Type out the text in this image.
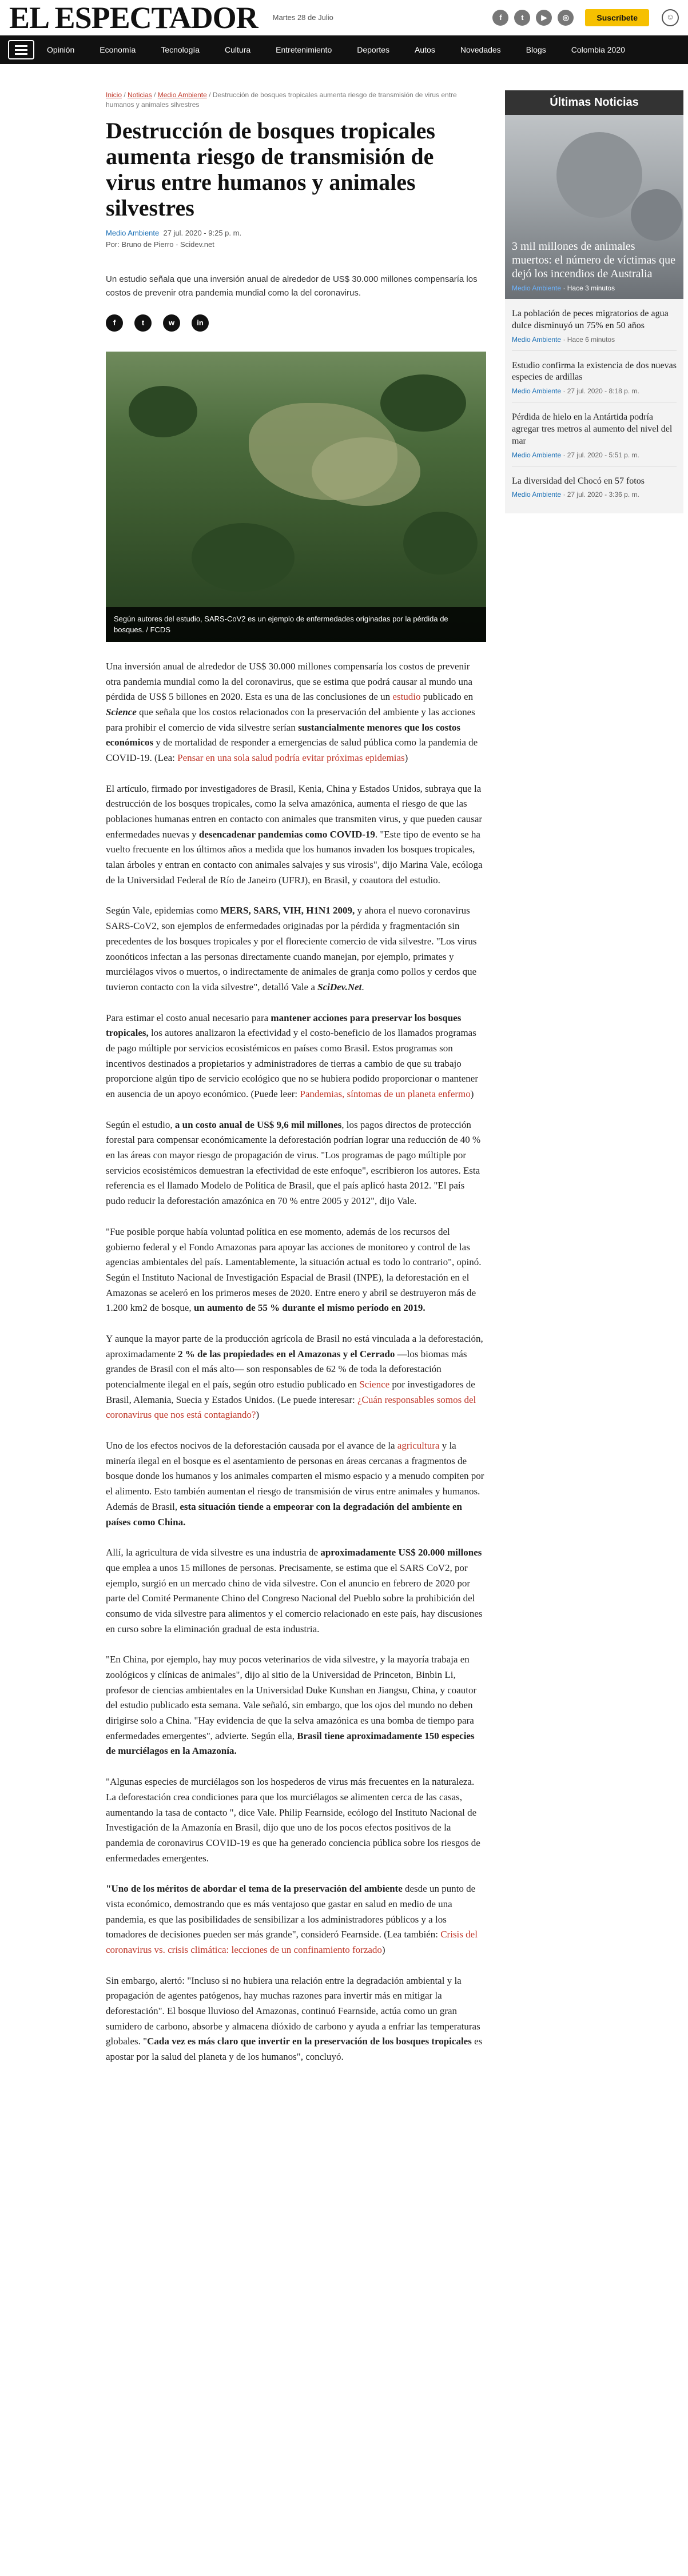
EL ESPECTADOR Martes 28 de Julio	f	t	▶	◎	Suscríbete	☺
Opinión	Economía	Tecnología	Cultura	Entretenimiento	Deportes	Autos	Novedades	Blogs	Colombia 2020
Inicio / Noticias / Medio Ambiente / Destrucción de bosques tropicales aumenta riesgo de transmisión de virus entre humanos y animales silvestres
Destrucción de bosques tropicales aumenta riesgo de transmisión de virus entre humanos y animales silvestres
Medio Ambiente 27 jul. 2020 - 9:25 p. m.
Por: Bruno de Pierro - Scidev.net

Un estudio señala que una inversión anual de alrededor de US$ 30.000 millones compensaría los costos de prevenir otra pandemia mundial como la del coronavirus.

f	t	w	in
Según autores del estudio, SARS-CoV2 es un ejemplo de enfermedades originadas por la pérdida de bosques. / FCDS

Una inversión anual de alrededor de US$ 30.000 millones compensaría los costos de prevenir otra pandemia mundial como la del coronavirus, que se estima que podrá causar al mundo una pérdida de US$ 5 billones en 2020. Esta es una de las conclusiones de un estudio publicado en Science que señala que los costos relacionados con la preservación del ambiente y las acciones para prohibir el comercio de vida silvestre serían sustancialmente menores que los costos económicos y de mortalidad de responder a emergencias de salud pública como la pandemia de COVID-19. (Lea: Pensar en una sola salud podría evitar próximas epidemias)

El artículo, firmado por investigadores de Brasil, Kenia, China y Estados Unidos, subraya que la destrucción de los bosques tropicales, como la selva amazónica, aumenta el riesgo de que las poblaciones humanas entren en contacto con animales que transmiten virus, y que pueden causar enfermedades nuevas y desencadenar pandemias como COVID-19. "Este tipo de evento se ha vuelto frecuente en los últimos años a medida que los humanos invaden los bosques tropicales, talan árboles y entran en contacto con animales salvajes y sus virosis", dijo Marina Vale, ecóloga de la Universidad Federal de Río de Janeiro (UFRJ), en Brasil, y coautora del estudio.

Según Vale, epidemias como MERS, SARS, VIH, H1N1 2009, y ahora el nuevo coronavirus SARS-CoV2, son ejemplos de enfermedades originadas por la pérdida y fragmentación sin precedentes de los bosques tropicales y por el floreciente comercio de vida silvestre. "Los virus zoonóticos infectan a las personas directamente cuando manejan, por ejemplo, primates y murciélagos vivos o muertos, o indirectamente de animales de granja como pollos y cerdos que tuvieron contacto con la vida silvestre", detalló Vale a SciDev.Net.

Para estimar el costo anual necesario para mantener acciones para preservar los bosques tropicales, los autores analizaron la efectividad y el costo-beneficio de los llamados programas de pago múltiple por servicios ecosistémicos en países como Brasil. Estos programas son incentivos destinados a propietarios y administradores de tierras a cambio de que su trabajo proporcione algún tipo de servicio ecológico que no se hubiera podido proporcionar o mantener en ausencia de un apoyo económico. (Puede leer: Pandemias, síntomas de un planeta enfermo)

Según el estudio, a un costo anual de US$ 9,6 mil millones, los pagos directos de protección forestal para compensar económicamente la deforestación podrían lograr una reducción de 40 % en las áreas con mayor riesgo de propagación de virus. "Los programas de pago múltiple por servicios ecosistémicos demuestran la efectividad de este enfoque", escribieron los autores. Esta referencia es el llamado Modelo de Política de Brasil, que el país aplicó hasta 2012. "El país pudo reducir la deforestación amazónica en 70 % entre 2005 y 2012", dijo Vale.

"Fue posible porque había voluntad política en ese momento, además de los recursos del gobierno federal y el Fondo Amazonas para apoyar las acciones de monitoreo y control de las agencias ambientales del país. Lamentablemente, la situación actual es todo lo contrario", opinó. Según el Instituto Nacional de Investigación Espacial de Brasil (INPE), la deforestación en el Amazonas se aceleró en los primeros meses de 2020. Entre enero y abril se destruyeron más de 1.200 km2 de bosque, un aumento de 55 % durante el mismo período en 2019.

Y aunque la mayor parte de la producción agrícola de Brasil no está vinculada a la deforestación, aproximadamente 2 % de las propiedades en el Amazonas y el Cerrado —los biomas más grandes de Brasil con el más alto— son responsables de 62 % de toda la deforestación potencialmente ilegal en el país, según otro estudio publicado en Science por investigadores de Brasil, Alemania, Suecia y Estados Unidos. (Le puede interesar: ¿Cuán responsables somos del coronavirus que nos está contagiando?)

Uno de los efectos nocivos de la deforestación causada por el avance de la agricultura y la minería ilegal en el bosque es el asentamiento de personas en áreas cercanas a fragmentos de bosque donde los humanos y los animales comparten el mismo espacio y a menudo compiten por el alimento. Esto también aumentan el riesgo de transmisión de virus entre animales y humanos. Además de Brasil, esta situación tiende a empeorar con la degradación del ambiente en países como China.

Allí, la agricultura de vida silvestre es una industria de aproximadamente US$ 20.000 millones que emplea a unos 15 millones de personas. Precisamente, se estima que el SARS CoV2, por ejemplo, surgió en un mercado chino de vida silvestre. Con el anuncio en febrero de 2020 por parte del Comité Permanente Chino del Congreso Nacional del Pueblo sobre la prohibición del consumo de vida silvestre para alimentos y el comercio relacionado en este país, hay discusiones en curso sobre la eliminación gradual de esta industria.

"En China, por ejemplo, hay muy pocos veterinarios de vida silvestre, y la mayoría trabaja en zoológicos y clínicas de animales", dijo al sitio de la Universidad de Princeton, Binbin Li, profesor de ciencias ambientales en la Universidad Duke Kunshan en Jiangsu, China, y coautor del estudio publicado esta semana. Vale señaló, sin embargo, que los ojos del mundo no deben dirigirse solo a China. "Hay evidencia de que la selva amazónica es una bomba de tiempo para enfermedades emergentes", advierte. Según ella, Brasil tiene aproximadamente 150 especies de murciélagos en la Amazonía.

"Algunas especies de murciélagos son los hospederos de virus más frecuentes en la naturaleza. La deforestación crea condiciones para que los murciélagos se alimenten cerca de las casas, aumentando la tasa de contacto ", dice Vale. Philip Fearnside, ecólogo del Instituto Nacional de Investigación de la Amazonía en Brasil, dijo que uno de los pocos efectos positivos de la pandemia de coronavirus COVID-19 es que ha generado conciencia pública sobre los riesgos de enfermedades emergentes.

"Uno de los méritos de abordar el tema de la preservación del ambiente desde un punto de vista económico, demostrando que es más ventajoso que gastar en salud en medio de una pandemia, es que las posibilidades de sensibilizar a los administradores públicos y a los tomadores de decisiones pueden ser más grande", consideró Fearnside. (Lea también: Crisis del coronavirus vs. crisis climática: lecciones de un confinamiento forzado)

Sin embargo, alertó: "Incluso si no hubiera una relación entre la degradación ambiental y la propagación de agentes patógenos, hay muchas razones para invertir más en mitigar la deforestación". El bosque lluvioso del Amazonas, continuó Fearnside, actúa como un gran sumidero de carbono, absorbe y almacena dióxido de carbono y ayuda a enfriar las temperaturas globales. "Cada vez es más claro que invertir en la preservación de los bosques tropicales es apostar por la salud del planeta y de los humanos", concluyó.

Últimas Noticias
3 mil millones de animales muertos: el número de víctimas que dejó los incendios de Australia
Medio Ambiente · Hace 3 minutos
La población de peces migratorios de agua dulce disminuyó un 75% en 50 años
Medio Ambiente · Hace 6 minutos
Estudio confirma la existencia de dos nuevas especies de ardillas
Medio Ambiente · 27 jul. 2020 - 8:18 p. m.
Pérdida de hielo en la Antártida podría agregar tres metros al aumento del nivel del mar
Medio Ambiente · 27 jul. 2020 - 5:51 p. m.
La diversidad del Chocó en 57 fotos
Medio Ambiente · 27 jul. 2020 - 3:36 p. m.
